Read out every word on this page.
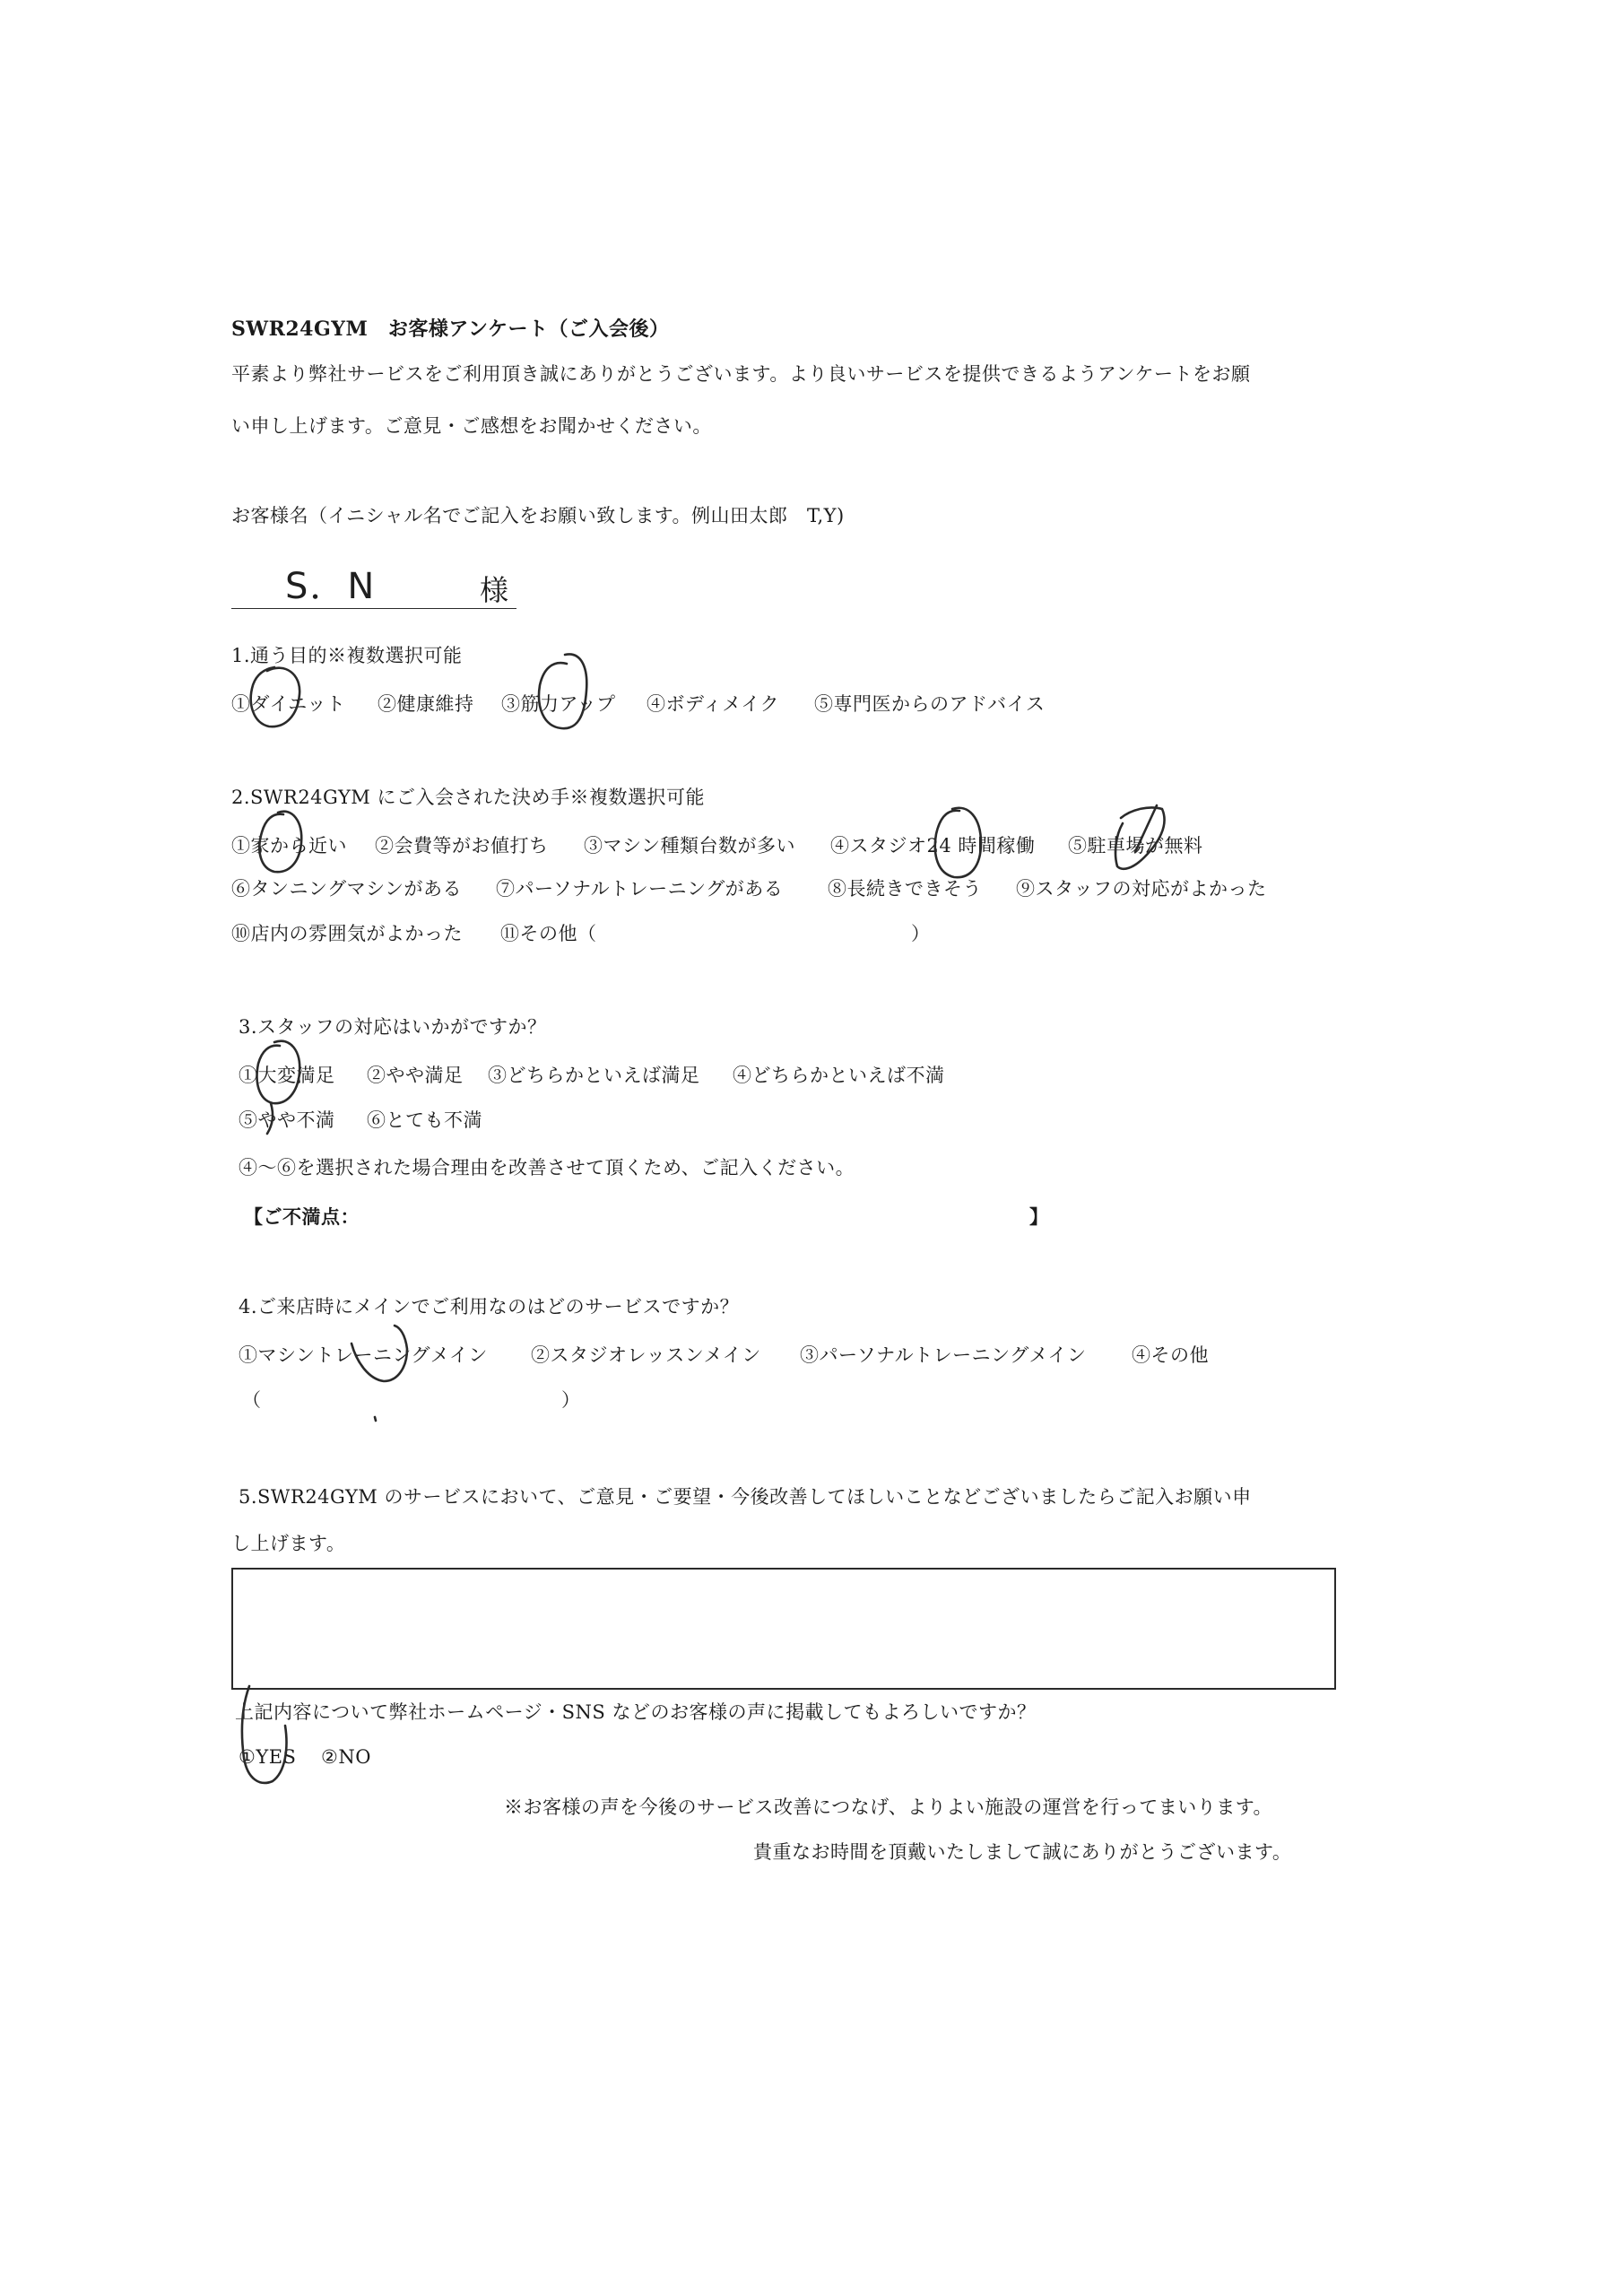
SWR24GYM　お客様アンケート（ご入会後）
平素より弊社サービスをご利用頂き誠にありがとうございます。より良いサービスを提供できるようアンケートをお願
い申し上げます。ご意見・ご感想をお聞かせください。
お客様名（イニシャル名でご記入をお願い致します。例山田太郎　T,Y)
S．N	様
1.通う目的※複数選択可能
①ダイエット	②健康維持	③筋力アップ	④ボディメイク	⑤専門医からのアドバイス
2.SWR24GYM にご入会された決め手※複数選択可能
①家から近い	②会費等がお値打ち	③マシン種類台数が多い	④スタジオ24 時間稼働	⑤駐車場が無料
⑥タンニングマシンがある	⑦パーソナルトレーニングがある	⑧長続きできそう	⑨スタッフの対応がよかった
⑩店内の雰囲気がよかった	⑪その他（	）
3.スタッフの対応はいかがですか？
①大変満足	②やや満足	③どちらかといえば満足	④どちらかといえば不満
⑤やや不満	⑥とても不満
④～⑥を選択された場合理由を改善させて頂くため、ご記入ください。
【ご不満点：	】
4.ご来店時にメインでご利用なのはどのサービスですか？
①マシントレーニングメイン	②スタジオレッスンメイン	③パーソナルトレーニングメイン	④その他
（	）
5.SWR24GYM のサービスにおいて、ご意見・ご要望・今後改善してほしいことなどございましたらご記入お願い申
し上げます。
上記内容について弊社ホームページ・SNS などのお客様の声に掲載してもよろしいですか？
①YES	②NO
※お客様の声を今後のサービス改善につなげ、よりよい施設の運営を行ってまいります。
貴重なお時間を頂戴いたしまして誠にありがとうございます。
